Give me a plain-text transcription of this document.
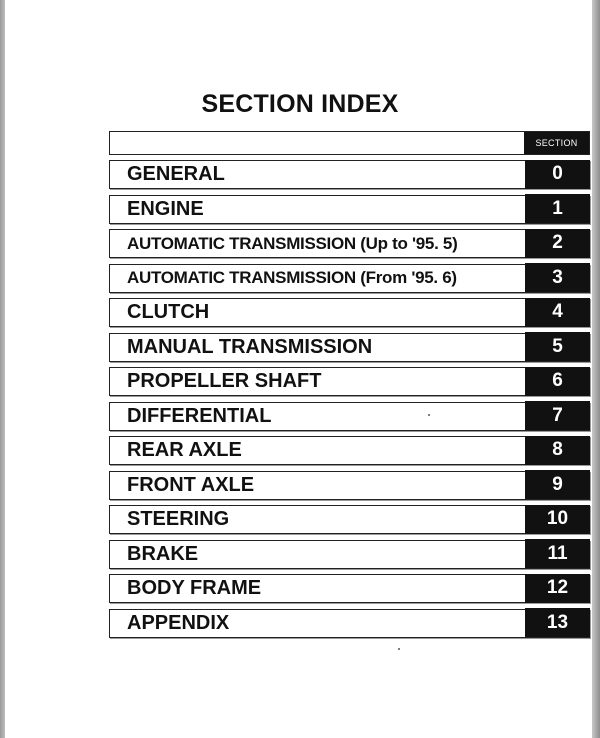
SECTION INDEX
SECTION
GENERAL	0
ENGINE	1
AUTOMATIC TRANSMISSION (Up to '95. 5)	2
AUTOMATIC TRANSMISSION (From '95. 6)	3
CLUTCH	4
MANUAL TRANSMISSION	5
PROPELLER SHAFT	6
DIFFERENTIAL	7
REAR AXLE	8
FRONT AXLE	9
STEERING	10
BRAKE	11
BODY FRAME	12
APPENDIX	13
